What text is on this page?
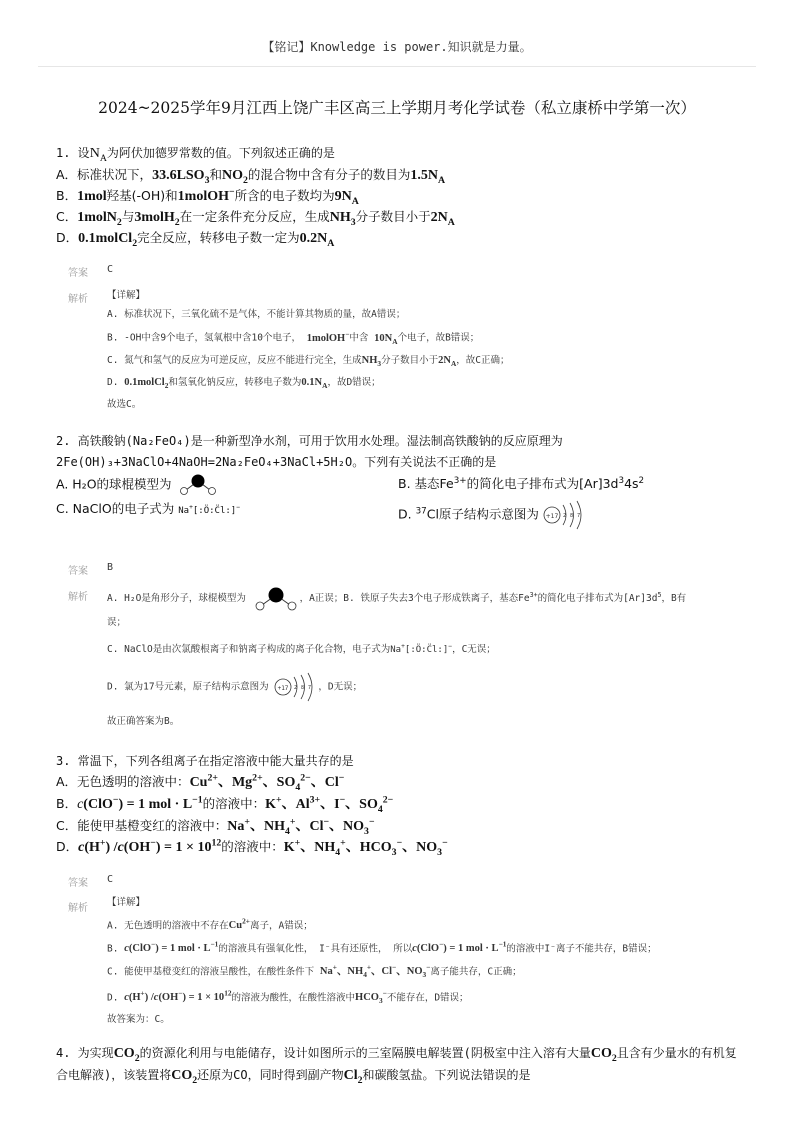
【铭记】Knowledge is power.知识就是力量。
2024~2025学年9月江西上饶广丰区高三上学期月考化学试卷（私立康桥中学第一次）
1. 设$N_A$为阿伏加德罗常数的值。下列叙述正确的是
A．标准状况下，$33.6LSO_3$和$NO_2$的混合物中含有分子的数目为$1.5N_A$
B．1mol羟基(-OH)和1molOH−所含的电子数均为$9N_A$
C．1molN$_2$与3molH$_2$在一定条件充分反应，生成$NH_3$分子数目小于$2N_A$
D．0.1molCl$_2$完全反应，转移电子数一定为$0.2N_A$
答案 C
解析 【详解】
A. 标准状况下，三氧化硫不是气体，不能计算其物质的量，故A错误；
B. -OH中含9个电子，氢氧根中含10个电子， 1molOH−中含 $10N_A$个电子，故B错误；
C. 氮气和氢气的反应为可逆反应，反应不能进行完全，生成$NH_3$分子数目小于$2N_A$，故C正确；
D. 0.1molCl$_2$和氢氧化钠反应，转移电子数为$0.1N_A$，故D错误；
故选C。
2. 高铁酸钠(Na₂FeO₄)是一种新型净水剂，可用于饮用水处理。湿法制高铁酸钠的反应原理为
2Fe(OH)₃+3NaClO+4NaOH=2Na₂FeO₄+3NaCl+5H₂O。下列有关说法不正确的是
A. H₂O的球棍模型为	B. 基态$Fe^{3+}$的简化电子排布式为$[Ar]3d^34s^2$
C. NaClO的电子式为 Na+[:Ö:C̈l:]−	D. $^{37}$Cl原子结构示意图为 +17 2 8 7
答案 B
解析 A. H₂O是角形分子，球棍模型为	，A正误；B. 铁原子失去3个电子形成铁离子，基态$Fe^{3+}$的简化电子排布式为$[Ar]3d^5$，B有
误；
C. NaClO是由次氯酸根离子和钠离子构成的离子化合物，电子式为Na+[:Ö:C̈l:]−，C无误；
D. 氯为17号元素，原子结构示意图为 +17 2 8 7 ，D无误；
故正确答案为B。
3. 常温下，下列各组离子在指定溶液中能大量共存的是
A．无色透明的溶液中：$Cu^{2+}$、$Mg^{2+}$、$SO_4^{2-}$、Cl−
B．c(ClO−) = 1 mol · $L^{-1}$的溶液中：K+、$Al^{3+}$、I−、$SO_4^{2-}$
C．能使甲基橙变红的溶液中：Na+、$NH_4^+$、Cl−、$NO_3^-$
D．c(H+) $/c(OH^-) = 1 \times 10^{12}$的溶液中：K+、$NH_4^+$、$HCO_3^-$、$NO_3^-$
答案 C
解析
【详解】
A. 无色透明的溶液中不存在$Cu^{2+}$离子，A错误；
B. c(ClO−) = 1 mol · $L^{-1}$的溶液具有强氧化性， I⁻具有还原性， 所以c(ClO−) = 1 mol · $L^{-1}$的溶液中I⁻离子不能共存，B错误；
C. 能使甲基橙变红的溶液呈酸性，在酸性条件下 Na+、$NH_4^+$、Cl−、$NO_3^-$离子能共存，C正确；
D. c(H+) $/c(OH^-) = 1 \times 10^{12}$的溶液为酸性，在酸性溶液中$HCO_3^-$不能存在，D错误；
故答案为：C。
4. 为实现$CO_2$的资源化利用与电能储存，设计如图所示的三室隔膜电解装置(阴极室中注入溶有大量$CO_2$且含有少量水的有机复
合电解液)，该装置将$CO_2$还原为CO，同时得到副产物$Cl_2$和碳酸氢盐。下列说法错误的是
